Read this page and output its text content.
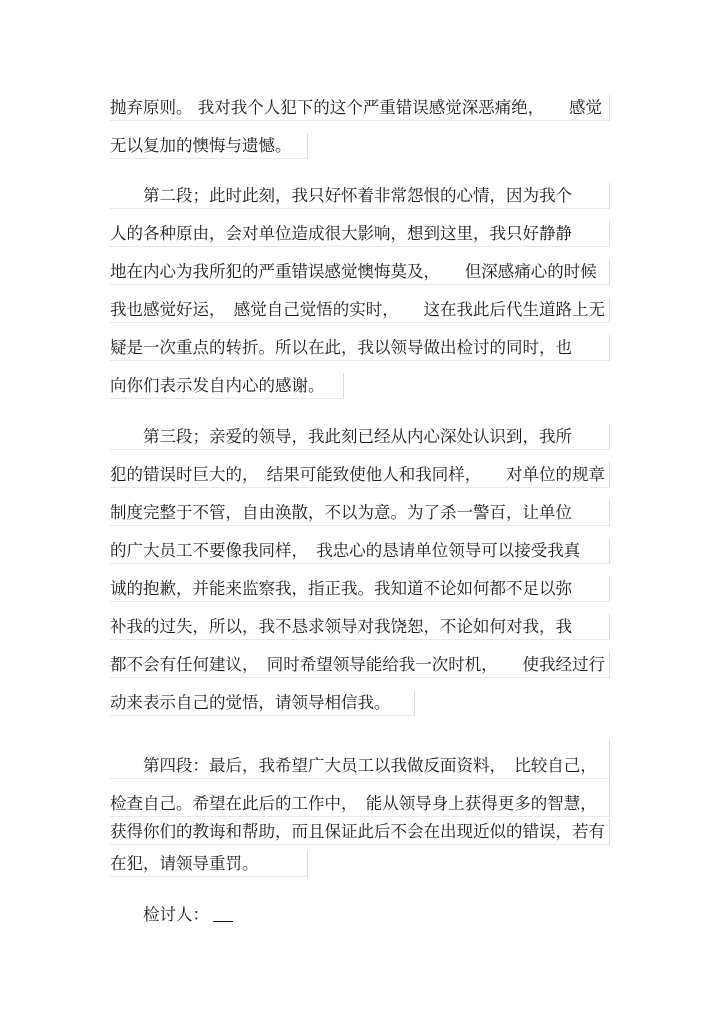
抛弃原则。 我对我个人犯下的这个严重错误感觉深恶痛绝，　　感觉
无以复加的懊悔与遗憾。
　　第二段；此时此刻，我只好怀着非常怨恨的心情，因为我个
人的各种原由，会对单位造成很大影响，想到这里，我只好静静
地在内心为我所犯的严重错误感觉懊悔莫及，　　但深感痛心的时候
我也感觉好运，　感觉自己觉悟的实时，　　这在我此后代生道路上无
疑是一次重点的转折。所以在此，我以领导做出检讨的同时，也
向你们表示发自内心的感谢。
　　第三段；亲爱的领导，我此刻已经从内心深处认识到，我所
犯的错误时巨大的，　结果可能致使他人和我同样，　　对单位的规章
制度完整于不管，自由涣散，不以为意。为了杀一警百，让单位
的广大员工不要像我同样，　我忠心的恳请单位领导可以接受我真
诚的抱歉，并能来监察我，指正我。我知道不论如何都不足以弥
补我的过失，所以，我不恳求领导对我饶恕，不论如何对我，我
都不会有任何建议，　同时希望领导能给我一次时机，　　使我经过行
动来表示自己的觉悟，请领导相信我。
　　第四段：最后，我希望广大员工以我做反面资料，　比较自己，
检查自己。希望在此后的工作中，　能从领导身上获得更多的智慧，
获得你们的教诲和帮助，而且保证此后不会在出现近似的错误，若有
在犯，请领导重罚。
　　检讨人：
